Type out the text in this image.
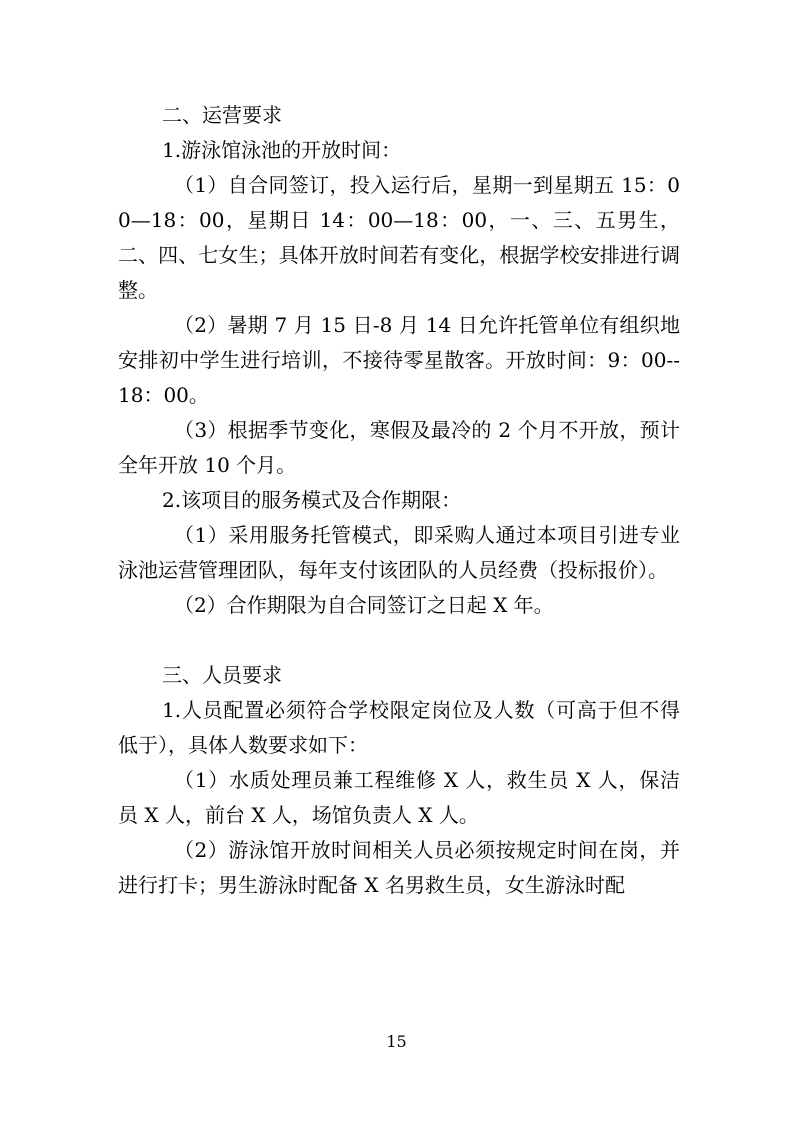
二、运营要求

1.游泳馆泳池的开放时间：

（1）自合同签订，投入运行后，星期一到星期五 15：00—18：00，星期日 14：00—18：00，一、三、五男生，二、四、七女生；具体开放时间若有变化，根据学校安排进行调整。

（2）暑期 7 月 15 日-8 月 14 日允许托管单位有组织地安排初中学生进行培训，不接待零星散客。开放时间：9：00--18：00。

（3）根据季节变化，寒假及最冷的 2 个月不开放，预计全年开放 10 个月。

2.该项目的服务模式及合作期限：

（1）采用服务托管模式，即采购人通过本项目引进专业泳池运营管理团队，每年支付该团队的人员经费（投标报价）。

（2）合作期限为自合同签订之日起 X 年。

三、人员要求

1.人员配置必须符合学校限定岗位及人数（可高于但不得低于），具体人数要求如下：

（1）水质处理员兼工程维修 X 人，救生员 X 人，保洁员 X 人，前台 X 人，场馆负责人 X 人。

（2）游泳馆开放时间相关人员必须按规定时间在岗，并进行打卡；男生游泳时配备 X 名男救生员，女生游泳时配

15
